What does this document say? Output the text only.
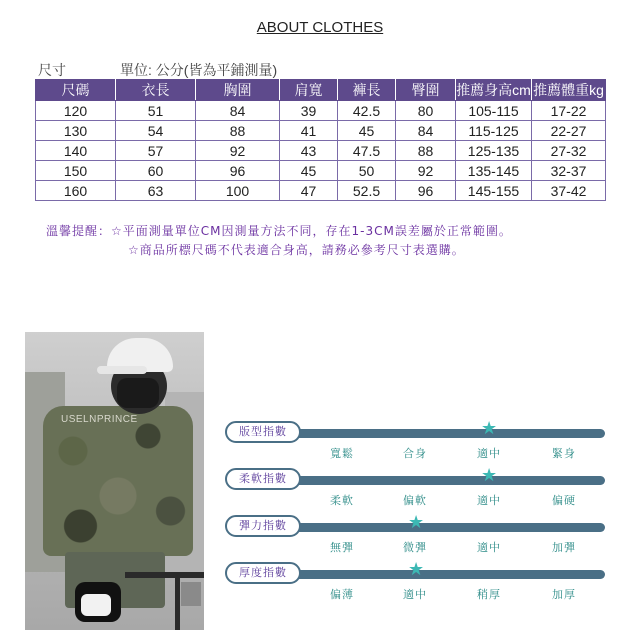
ABOUT CLOTHES
尺寸	單位: 公分(皆為平鋪測量)
尺碼	衣長	胸圍	肩寬	褲長	臀圍	推薦身高cm	推薦體重kg
120	51	84	39	42.5	80	105-115	17-22
130	54	88	41	45	84	115-125	22-27
140	57	92	43	47.5	88	125-135	27-32
150	60	96	45	50	92	135-145	32-37
160	63	100	47	52.5	96	145-155	37-42
溫馨提醒：☆平面測量單位CM因測量方法不同，存在1-3CM誤差屬於正常範圍。
☆商品所標尺碼不代表適合身高，請務必參考尺寸表選購。
USELNPRINCE
版型指數	★
寬鬆	合身	適中	緊身
柔軟指數	★
柔軟	偏軟	適中	偏硬
彈力指數	★
無彈	微彈	適中	加彈
厚度指數	★
偏薄	適中	稍厚	加厚
